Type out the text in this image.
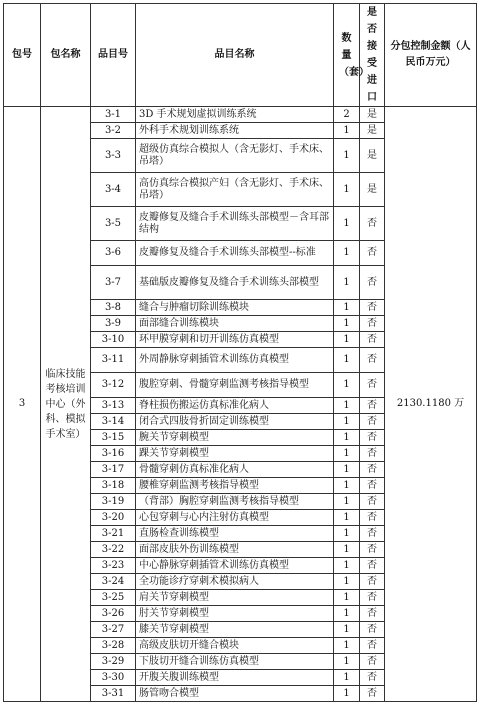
包号	包名称	品目号	品目名称	数量（套）	是否接受进口	分包控制金额（人民币万元）
3	临床技能考核培训中心（外科、模拟手术室）	3-1	3D 手术规划虚拟训练系统	2	是	2130.1180 万
		3-2	外科手术规划训练系统	1	是	
		3-3	超级仿真综合模拟人（含无影灯、手术床、吊塔）	1	是	
		3-4	高仿真综合模拟产妇（含无影灯、手术床、吊塔）	1	是	
		3-5	皮瓣修复及缝合手术训练头部模型－含耳部结构	1	否	
		3-6	皮瓣修复及缝合手术训练头部模型--标准	1	否	
		3-7	基础版皮瓣修复及缝合手术训练头部模型	1	否	
		3-8	缝合与肿瘤切除训练模块	1	否	
		3-9	面部缝合训练模块	1	否	
		3-10	环甲膜穿刺和切开训练仿真模型	1	否	
		3-11	外周静脉穿刺插管术训练仿真模型	1	否	
		3-12	腹腔穿刺、骨髓穿刺监测考核指导模型	1	否	
		3-13	脊柱损伤搬运仿真标准化病人	1	否	
		3-14	闭合式四肢骨折固定训练模型	1	否	
		3-15	腕关节穿刺模型	1	否	
		3-16	踝关节穿刺模型	1	否	
		3-17	骨髓穿刺仿真标准化病人	1	否	
		3-18	腰椎穿刺监测考核指导模型	1	否	
		3-19	（背部）胸腔穿刺监测考核指导模型	1	否	
		3-20	心包穿刺与心内注射仿真模型	1	否	
		3-21	直肠检查训练模型	1	否	
		3-22	面部皮肤外伤训练模型	1	否	
		3-23	中心静脉穿刺插管术训练仿真模型	1	否	
		3-24	全功能诊疗穿刺术模拟病人	1	否	
		3-25	肩关节穿刺模型	1	否	
		3-26	肘关节穿刺模型	1	否	
		3-27	膝关节穿刺模型	1	否	
		3-28	高级皮肤切开缝合模块	1	否	
		3-29	下肢切开缝合训练仿真模型	1	否	
		3-30	开腹关腹训练模型	1	否	
		3-31	肠管吻合模型	1	否	
